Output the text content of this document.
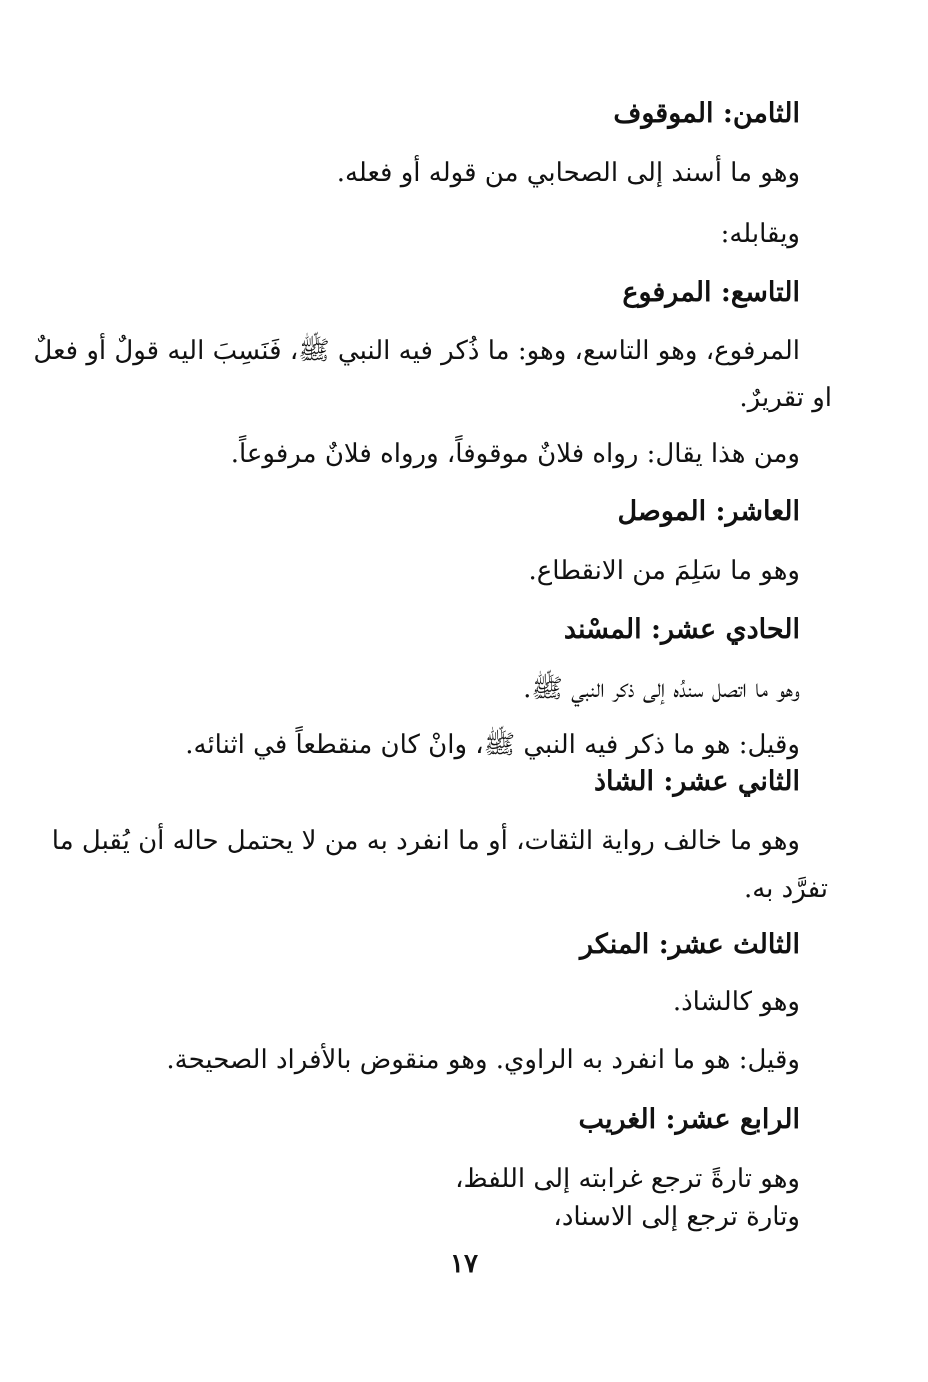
الثامن: الموقوف
وهو ما أسند إلى الصحابي من قوله أو فعله.
ويقابله:
التاسع: المرفوع
المرفوع، وهو التاسع، وهو: ما ذُكر فيه النبي ﷺ، فَنَسِبَ اليه قولٌ أو فعلٌ
او تقريرٌ.
ومن هذا يقال: رواه فلانٌ موقوفاً، ورواه فلانٌ مرفوعاً.
العاشر: الموصل
وهو ما سَلِمَ من الانقطاع.
الحادي عشر: المسْند
وهو ما اتصل سندُه إلى ذكر النبي ﷺ.
وقيل: هو ما ذكر فيه النبي ﷺ، وانْ كان منقطعاً في اثنائه.
الثاني عشر: الشاذ
وهو ما خالف رواية الثقات، أو ما انفرد به من لا يحتمل حاله أن يُقبل ما
تفرَّد به.
الثالث عشر: المنكر
وهو كالشاذ.
وقيل: هو ما انفرد به الراوي. وهو منقوض بالأفراد الصحيحة.
الرابع عشر: الغريب
وهو تارةً ترجع غرابته إلى اللفظ،
وتارة ترجع إلى الاسناد،
١٧
